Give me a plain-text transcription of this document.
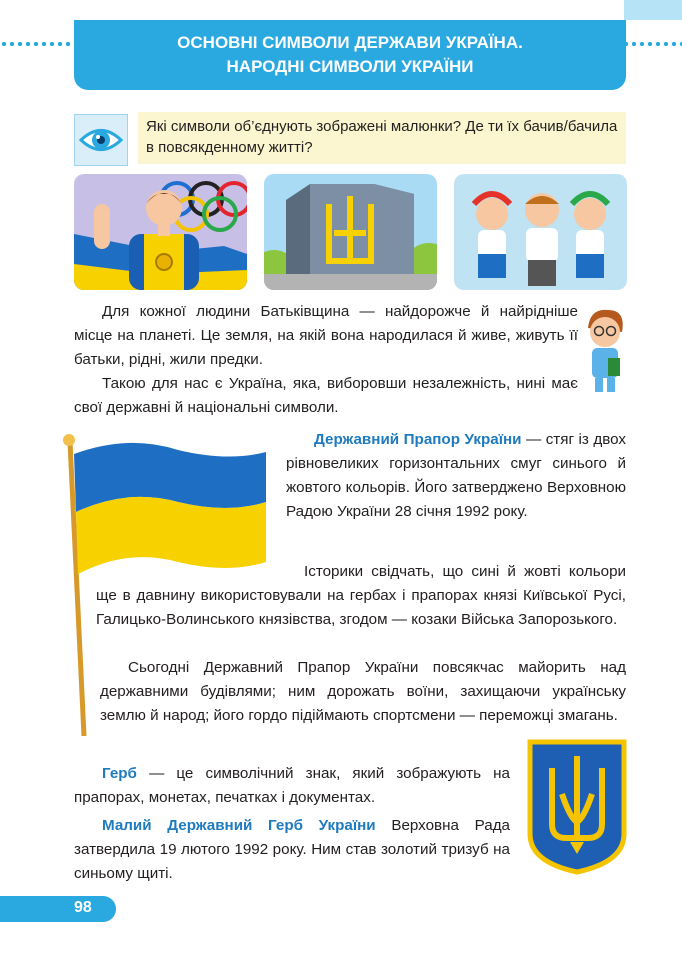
ОСНОВНІ СИМВОЛИ ДЕРЖАВИ УКРАЇНА.
НАРОДНІ СИМВОЛИ УКРАЇНИ
Які символи об’єднують зображені малюнки? Де ти їх бачив/бачила в повсякденному житті?

Для кожної людини Батьківщина — найдорожче й найрідніше місце на планеті. Це земля, на якій вона народилася й живе, живуть її батьки, рідні, жили предки.

Такою для нас є Україна, яка, виборовши незалежність, нині має свої державні й національні символи.

Державний Прапор України — стяг із двох рівновеликих горизонтальних смуг синього й жовтого кольорів. Його затверджено Верховною Радою України 28 січня 1992 року.

Історики свідчать, що сині й жовті кольори ще в давнину використовували на гербах і прапорах князі Київської Русі, Галицько-Волинського князівства, згодом — козаки Війська Запорозького.

Сьогодні Державний Прапор України повсякчас майорить над державними будівлями; ним дорожать воїни, захищаючи українську землю й народ; його гордо підіймають спортсмени — переможці змагань.

Герб — це символічний знак, який зображують на прапорах, монетах, печатках і документах.

Малий Державний Герб України Верховна Рада затвердила 19 лютого 1992 року. Ним став золотий тризуб на синьому щиті.

98
